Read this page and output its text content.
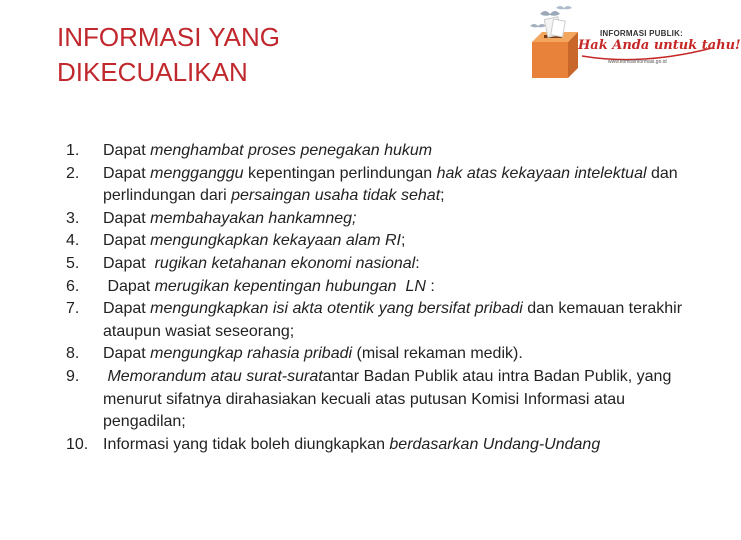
INFORMASI YANG
DIKECUALIKAN
INFORMASI PUBLIK:
Hak Anda untuk tahu!
www.komisiinformasi.go.id
1.	Dapat menghambat proses penegakan hukum
2.	Dapat mengganggu kepentingan perlindungan hak atas kekayaan intelektual dan perlindungan dari persaingan usaha tidak sehat;
3.	Dapat membahayakan hankamneg;
4.	Dapat mengungkapkan kekayaan alam RI;
5.	Dapat  rugikan ketahanan ekonomi nasional:
6.	Dapat merugikan kepentingan hubungan  LN :
7.	Dapat mengungkapkan isi akta otentik yang bersifat pribadi dan kemauan terakhir ataupun wasiat seseorang;
8.	Dapat mengungkap rahasia pribadi (misal rekaman medik).
9.	Memorandum atau surat-suratantar Badan Publik atau intra Badan Publik, yang menurut sifatnya dirahasiakan kecuali atas putusan Komisi Informasi atau pengadilan;
10. Informasi yang tidak boleh diungkapkan berdasarkan Undang-Undang
